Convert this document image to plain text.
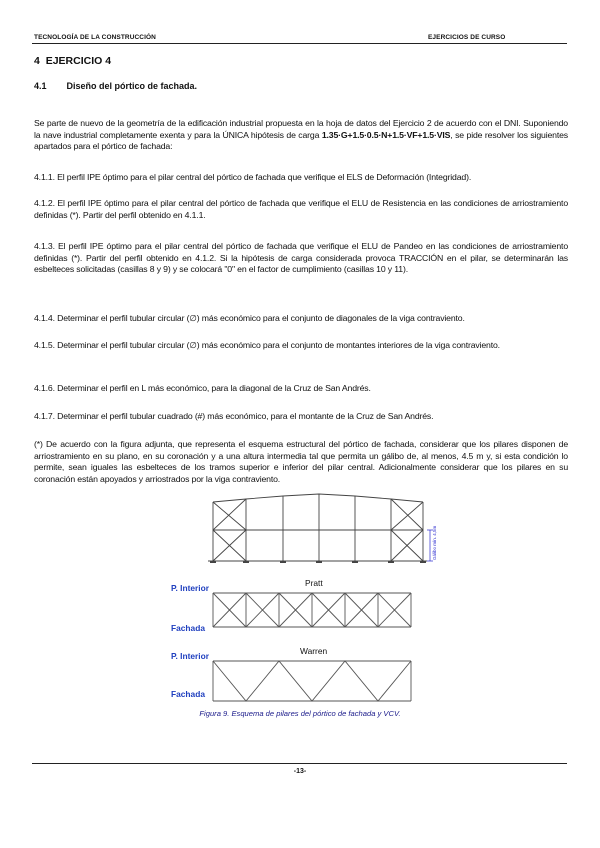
TECNOLOGÍA DE LA CONSTRUCCIÓN	EJERCICIOS DE CURSO
4 EJERCICIO 4
4.1 Diseño del pórtico de fachada.
Se parte de nuevo de la geometría de la edificación industrial propuesta en la hoja de datos del Ejercicio 2 de acuerdo con el DNI. Suponiendo la nave industrial completamente exenta y para la ÚNICA hipótesis de carga 1.35·G+1.5·0.5·N+1.5·VF+1.5·VIS, se pide resolver los siguientes apartados para el pórtico de fachada:
4.1.1. El perfil IPE óptimo para el pilar central del pórtico de fachada que verifique el ELS de Deformación (Integridad).
4.1.2. El perfil IPE óptimo para el pilar central del pórtico de fachada que verifique el ELU de Resistencia en las condiciones de arriostramiento definidas (*). Partir del perfil obtenido en 4.1.1.
4.1.3. El perfil IPE óptimo para el pilar central del pórtico de fachada que verifique el ELU de Pandeo en las condiciones de arriostramiento definidas (*). Partir del perfil obtenido en 4.1.2. Si la hipótesis de carga considerada provoca TRACCIÓN en el pilar, se determinarán las esbelteces solicitadas (casillas 8 y 9) y se colocará "0" en el factor de cumplimiento (casillas 10 y 11).
4.1.4. Determinar el perfil tubular circular (∅) más económico para el conjunto de diagonales de la viga contraviento.
4.1.5. Determinar el perfil tubular circular (∅) más económico para el conjunto de montantes interiores de la viga contraviento.
4.1.6. Determinar el perfil en L más económico, para la diagonal de la Cruz de San Andrés.
4.1.7. Determinar el perfil tubular cuadrado (#) más económico, para el montante de la Cruz de San Andrés.
(*) De acuerdo con la figura adjunta, que representa el esquema estructural del pórtico de fachada, considerar que los pilares disponen de arriostramiento en su plano, en su coronación y a una altura intermedia tal que permita un gálibo de, al menos, 4.5 m y, si esta condición lo permite, sean iguales las esbelteces de los tramos superior e inferior del pilar central. Adicionalmente considerar que los pilares en su coronación están apoyados y arriostrados por la viga contraviento.
Gálibo mín. 4,5m
Pratt
P. Interior
Fachada
Warren
P. Interior
Fachada
Figura 9. Esquema de pilares del pórtico de fachada y VCV.
-13-
